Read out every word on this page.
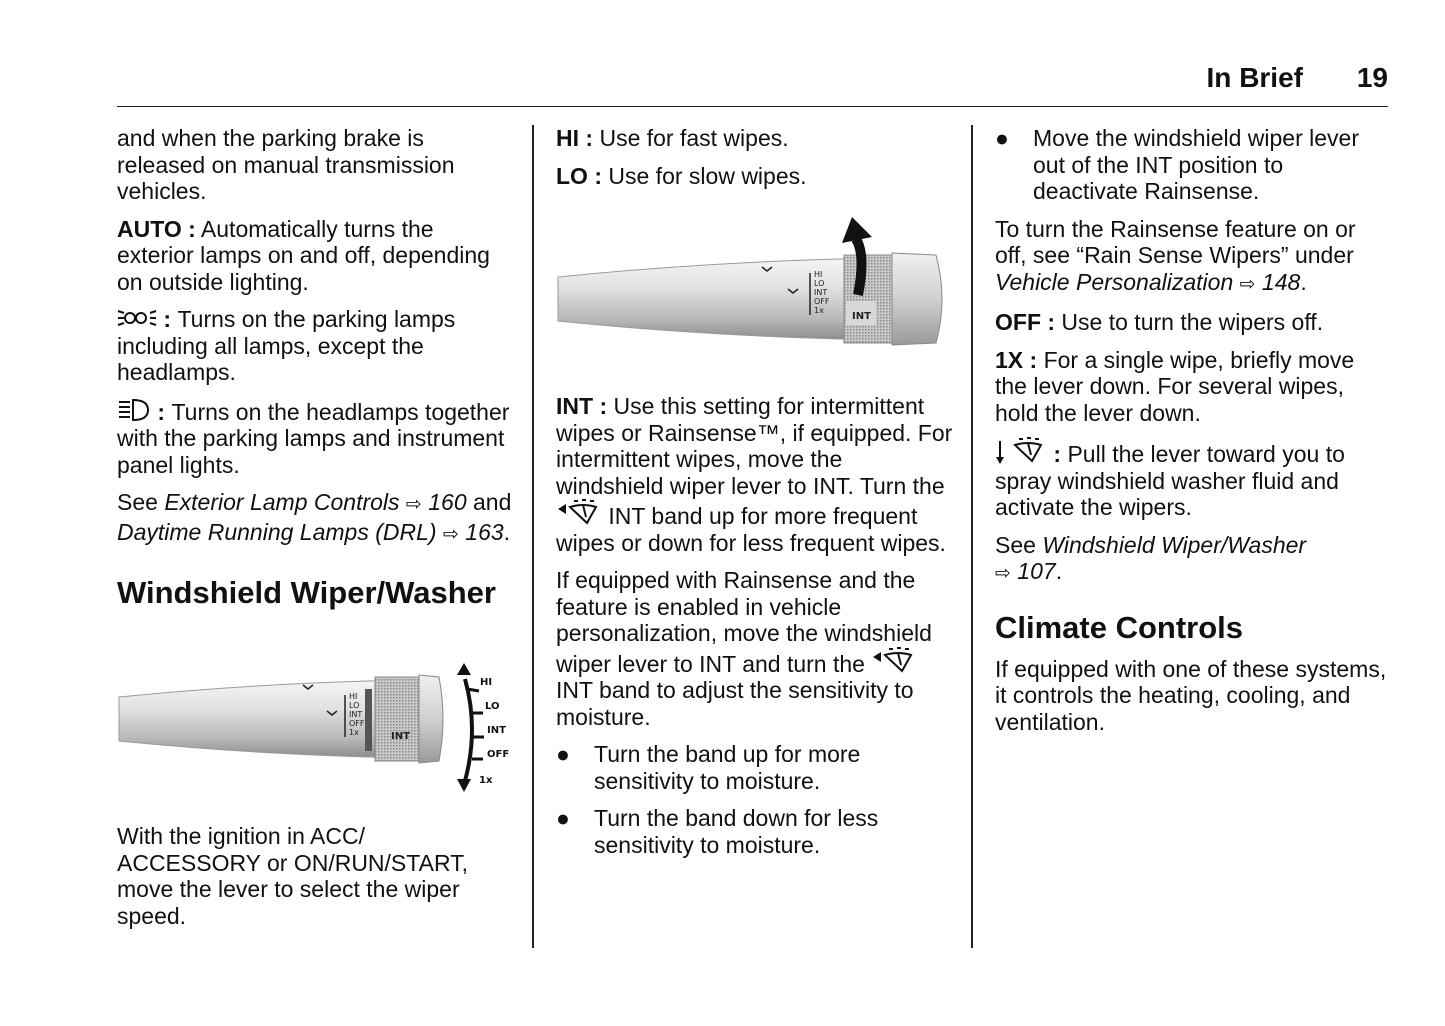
In Brief 19

and when the parking brake is released on manual transmission vehicles.

AUTO : Automatically turns the exterior lamps on and off, depending on outside lighting.

: Turns on the parking lamps including all lamps, except the headlamps.

: Turns on the headlamps together with the parking lamps and instrument panel lights.

See Exterior Lamp Controls ⇨ 160 and Daytime Running Lamps (DRL) ⇨ 163.

Windshield Wiper/Washer
HI
LO
INT
OFF
1x	INT
HI
LO
INT
OFF
1x

With the ignition in ACC/ ACCESSORY or ON/RUN/START, move the lever to select the wiper speed.

HI : Use for fast wipes.

LO : Use for slow wipes.

HI
LO
INT
OFF
1x
INT

INT : Use this setting for intermittent wipes or Rainsense™, if equipped. For intermittent wipes, move the windshield wiper lever to INT. Turn the  INT band up for more frequent wipes or down for less frequent wipes.

If equipped with Rainsense and the feature is enabled in vehicle personalization, move the windshield wiper lever to INT and turn the  INT band to adjust the sensitivity to moisture.

●	Turn the band up for more sensitivity to moisture.
●	Turn the band down for less sensitivity to moisture.
●	Move the windshield wiper lever out of the INT position to deactivate Rainsense.

To turn the Rainsense feature on or off, see “Rain Sense Wipers” under Vehicle Personalization ⇨ 148.

OFF : Use to turn the wipers off.

1X : For a single wipe, briefly move the lever down. For several wipes, hold the lever down.

: Pull the lever toward you to spray windshield washer fluid and activate the wipers.

See Windshield Wiper/Washer
⇨ 107.

Climate Controls

If equipped with one of these systems, it controls the heating, cooling, and ventilation.
